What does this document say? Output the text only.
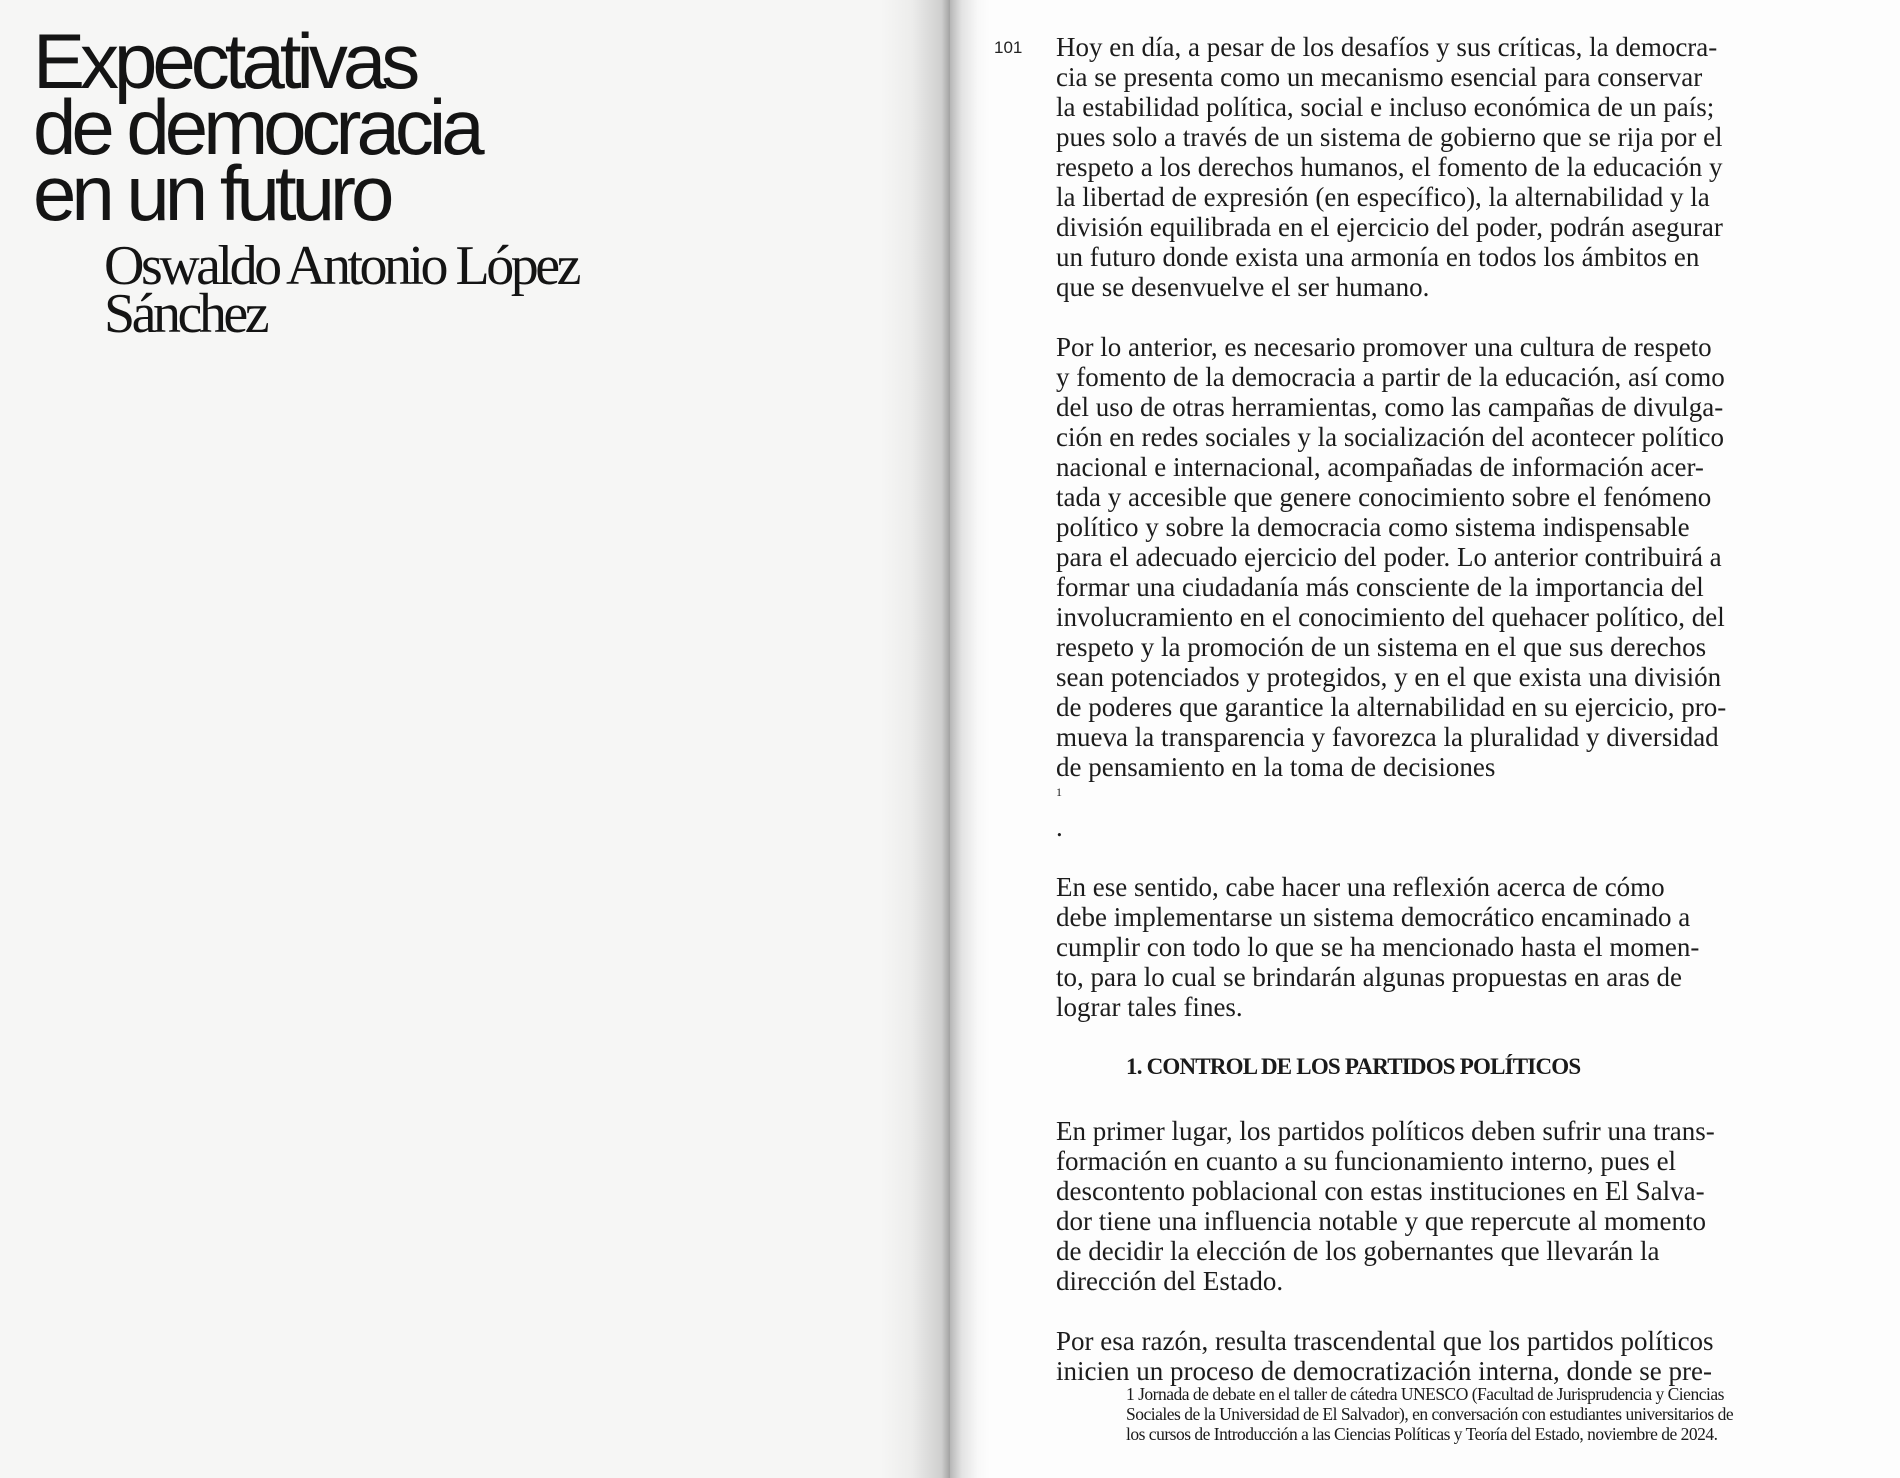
Expectativas
de democracia
en un futuro
Oswaldo Antonio López
Sánchez
101 Hoy en día, a pesar de los desafíos y sus críticas, la democra-
cia se presenta como un mecanismo esencial para conservar
la estabilidad política, social e incluso económica de un país;
pues solo a través de un sistema de gobierno que se rija por el
respeto a los derechos humanos, el fomento de la educación y
la libertad de expresión (en específico), la alternabilidad y la
división equilibrada en el ejercicio del poder, podrán asegurar
un futuro donde exista una armonía en todos los ámbitos en
que se desenvuelve el ser humano.

Por lo anterior, es necesario promover una cultura de respeto
y fomento de la democracia a partir de la educación, así como
del uso de otras herramientas, como las campañas de divulga-
ción en redes sociales y la socialización del acontecer político
nacional e internacional, acompañadas de información acer-
tada y accesible que genere conocimiento sobre el fenómeno
político y sobre la democracia como sistema indispensable
para el adecuado ejercicio del poder. Lo anterior contribuirá a
formar una ciudadanía más consciente de la importancia del
involucramiento en el conocimiento del quehacer político, del
respeto y la promoción de un sistema en el que sus derechos
sean potenciados y protegidos, y en el que exista una división
de poderes que garantice la alternabilidad en su ejercicio, pro-
mueva la transparencia y favorezca la pluralidad y diversidad
de pensamiento en la toma de decisiones
$^1$
.

En ese sentido, cabe hacer una reflexión acerca de cómo
debe implementarse un sistema democrático encaminado a
cumplir con todo lo que se ha mencionado hasta el momen-
to, para lo cual se brindarán algunas propuestas en aras de
lograr tales fines.

1. CONTROL DE LOS PARTIDOS POLÍTICOS

En primer lugar, los partidos políticos deben sufrir una trans-
formación en cuanto a su funcionamiento interno, pues el
descontento poblacional con estas instituciones en El Salva-
dor tiene una influencia notable y que repercute al momento
de decidir la elección de los gobernantes que llevarán la
dirección del Estado.

Por esa razón, resulta trascendental que los partidos políticos
inicien un proceso de democratización interna, donde se pre-

1 Jornada de debate en el taller de cátedra UNESCO (Facultad de Jurisprudencia y Ciencias
Sociales de la Universidad de El Salvador), en conversación con estudiantes universitarios de
los cursos de Introducción a las Ciencias Políticas y Teoría del Estado, noviembre de 2024.
